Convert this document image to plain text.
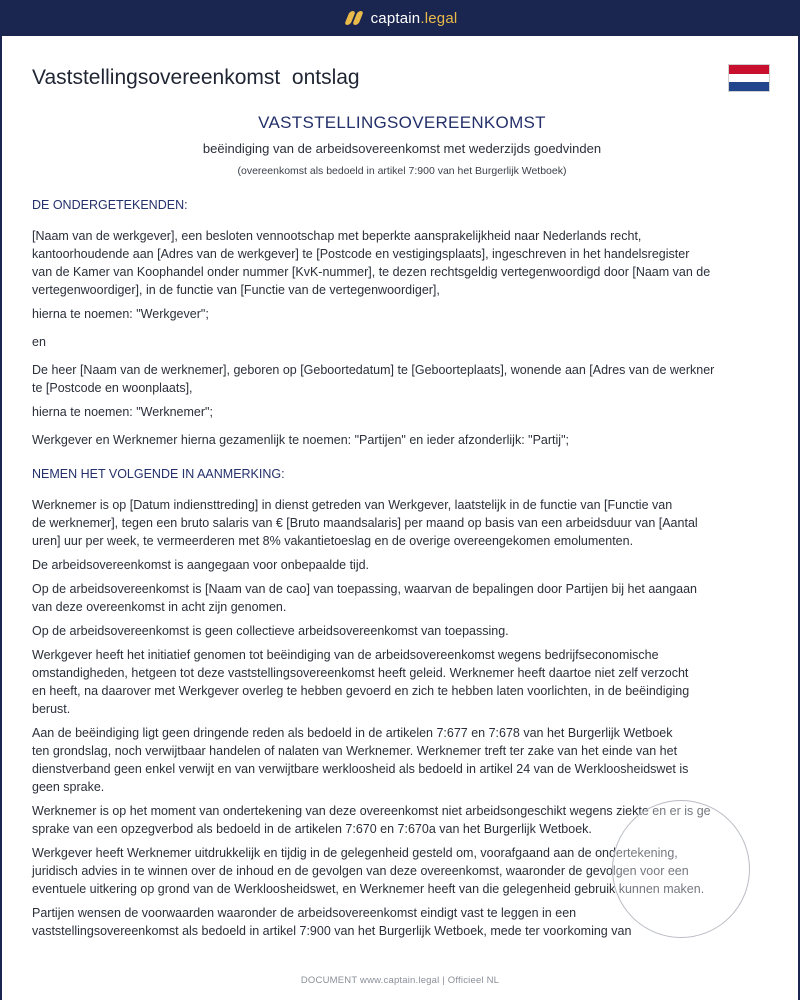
captain.legal
Vaststellingsovereenkomst  ontslag
VASTSTELLINGSOVEREENKOMST
beëindiging van de arbeidsovereenkomst met wederzijds goedvinden
(overeenkomst als bedoeld in artikel 7:900 van het Burgerlijk Wetboek)
DE ONDERGETEKENDEN:
[Naam van de werkgever], een besloten vennootschap met beperkte aansprakelijkheid naar Nederlands recht,
kantoorhoudende aan [Adres van de werkgever] te [Postcode en vestigingsplaats], ingeschreven in het handelsregister
van de Kamer van Koophandel onder nummer [KvK-nummer], te dezen rechtsgeldig vertegenwoordigd door [Naam van de
vertegenwoordiger], in de functie van [Functie van de vertegenwoordiger],
hierna te noemen: "Werkgever";
en
De heer [Naam van de werknemer], geboren op [Geboortedatum] te [Geboorteplaats], wonende aan [Adres van de werkner
te [Postcode en woonplaats],
hierna te noemen: "Werknemer";
Werkgever en Werknemer hierna gezamenlijk te noemen: "Partijen" en ieder afzonderlijk: "Partij";
NEMEN HET VOLGENDE IN AANMERKING:
Werknemer is op [Datum indiensttreding] in dienst getreden van Werkgever, laatstelijk in de functie van [Functie van
de werknemer], tegen een bruto salaris van € [Bruto maandsalaris] per maand op basis van een arbeidsduur van [Aantal
uren] uur per week, te vermeerderen met 8% vakantietoeslag en de overige overeengekomen emolumenten.
De arbeidsovereenkomst is aangegaan voor onbepaalde tijd.
Op de arbeidsovereenkomst is [Naam van de cao] van toepassing, waarvan de bepalingen door Partijen bij het aangaan
van deze overeenkomst in acht zijn genomen.
Op de arbeidsovereenkomst is geen collectieve arbeidsovereenkomst van toepassing.
Werkgever heeft het initiatief genomen tot beëindiging van de arbeidsovereenkomst wegens bedrijfseconomische
omstandigheden, hetgeen tot deze vaststellingsovereenkomst heeft geleid. Werknemer heeft daartoe niet zelf verzocht
en heeft, na daarover met Werkgever overleg te hebben gevoerd en zich te hebben laten voorlichten, in de beëindiging
berust.
Aan de beëindiging ligt geen dringende reden als bedoeld in de artikelen 7:677 en 7:678 van het Burgerlijk Wetboek
ten grondslag, noch verwijtbaar handelen of nalaten van Werknemer. Werknemer treft ter zake van het einde van het
dienstverband geen enkel verwijt en van verwijtbare werkloosheid als bedoeld in artikel 24 van de Werkloosheidswet is
geen sprake.
Werknemer is op het moment van ondertekening van deze overeenkomst niet arbeidsongeschikt wegens ziekte en er is ge
sprake van een opzegverbod als bedoeld in de artikelen 7:670 en 7:670a van het Burgerlijk Wetboek.
Werkgever heeft Werknemer uitdrukkelijk en tijdig in de gelegenheid gesteld om, voorafgaand aan de ondertekening,
juridisch advies in te winnen over de inhoud en de gevolgen van deze overeenkomst, waaronder de gevolgen voor een
eventuele uitkering op grond van de Werkloosheidswet, en Werknemer heeft van die gelegenheid gebruik kunnen maken.
Partijen wensen de voorwaarden waaronder de arbeidsovereenkomst eindigt vast te leggen in een
vaststellingsovereenkomst als bedoeld in artikel 7:900 van het Burgerlijk Wetboek, mede ter voorkoming van
DOCUMENT www.captain.legal | Officieel NL
